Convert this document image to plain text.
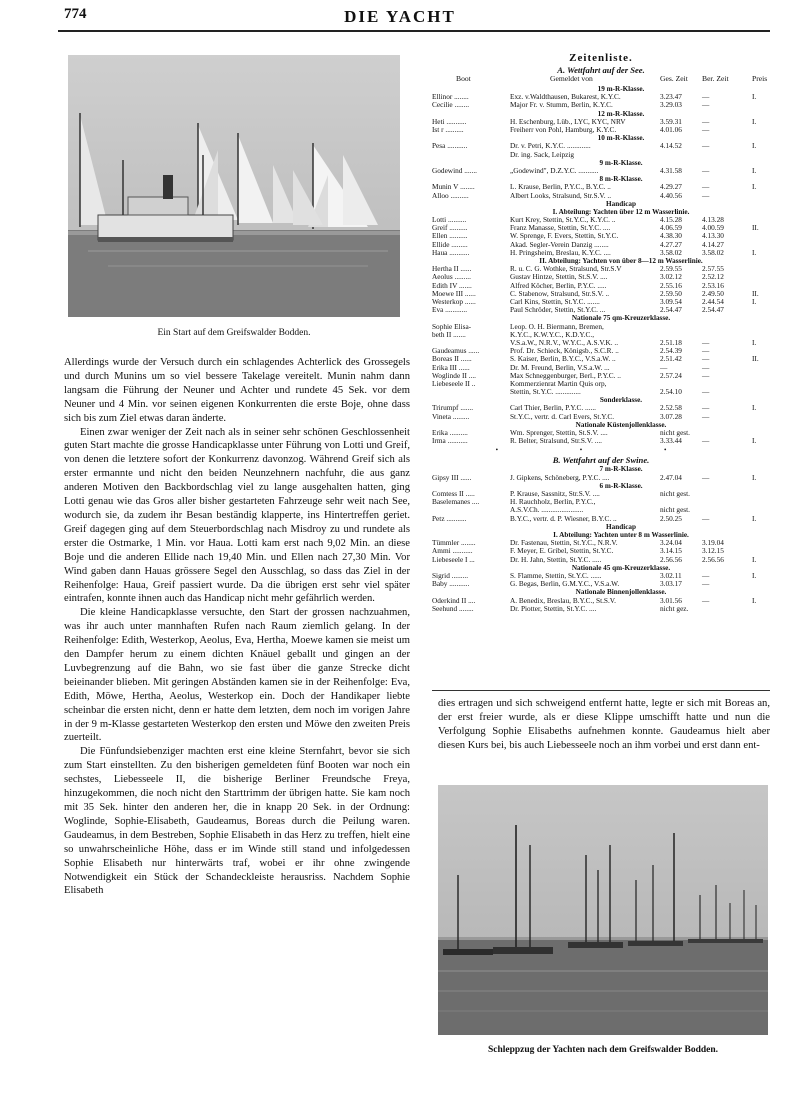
774	DIE YACHT
Ein Start auf dem Greifswalder Bodden.

Allerdings wurde der Versuch durch ein schlagendes Achterlick des Grossegels und durch Munins um so viel bessere Takelage vereitelt. Munin nahm dann langsam die Führung der Neuner und Achter und rundete 45 Sek. vor dem Neuner und 4 Min. vor seinen eigenen Konkurrenten die erste Boje, ohne dass sich bis zum Ziel etwas daran änderte.

Einen zwar weniger der Zeit nach als in seiner sehr schönen Geschlossenheit guten Start machte die grosse Handicapklasse unter Führung von Lotti und Greif, von denen die letztere sofort der Konkurrenz davonzog. Während Greif sich als erster ermannte und nicht den beiden Neunzehnern nachfuhr, die aus ganz anderen Motiven den Backbordschlag viel zu lange ausgehalten hatten, ging Lotti genau wie das Gros aller bisher gestarteten Fahrzeuge sehr weit nach See, wodurch sie, da zudem ihr Besan beständig klapperte, ins Hintertreffen geriet. Greif dagegen ging auf dem Steuerbordschlag nach Misdroy zu und rundete als erster die Ostmarke, 1 Min. vor Haua. Lotti kam erst nach 9,02 Min. an diese Boje und die anderen Ellide nach 19,40 Min. und Ellen nach 27,30 Min. Vor Wind gaben dann Hauas grössere Segel den Ausschlag, so dass das Ziel in der Reihenfolge: Haua, Greif passiert wurde. Da die übrigen erst sehr viel später eintrafen, konnte ihnen auch das Handicap nicht mehr gefährlich werden.

Die kleine Handicapklasse versuchte, den Start der grossen nachzuahmen, was ihr auch unter mannhaften Rufen nach Raum ziemlich gelang. In der Reihenfolge: Edith, Westerkop, Aeolus, Eva, Hertha, Moewe kamen sie meist um den Dampfer herum zu einem dichten Knäuel geballt und gingen an der Luvbegrenzung auf die Bahn, wo sie fast über die ganze Strecke dicht beieinander blieben. Mit geringen Abständen kamen sie in der Reihenfolge: Eva, Edith, Möwe, Hertha, Aeolus, Westerkop ein. Doch der Handikaper liebte scheinbar die ersten nicht, denn er hatte dem letzten, dem noch im vorigen Jahre in der 9 m-Klasse gestarteten Westerkop den ersten und Möwe den zweiten Preis zuerteilt.

Die Fünfundsiebenziger machten erst eine kleine Sternfahrt, bevor sie sich zum Start einstellten. Zu den bisherigen gemeldeten fünf Booten war noch ein sechstes, Liebesseele II, die bisherige Berliner Freundsche Freya, hinzugekommen, die noch nicht den Starttrimm der übrigen hatte. Sie kam noch mit 35 Sek. hinter den anderen her, die in knapp 20 Sek. in der Ordnung: Woglinde, Sophie-Elisabeth, Gaudeamus, Boreas durch die Peilung waren. Gaudeamus, in dem Bestreben, Sophie Elisabeth in das Herz zu treffen, hielt eine so unwahrscheinliche Höhe, dass er im Winde still stand und infolgedessen Sophie Elisabeth nur hinterwärts traf, wobei er ihr ohne zwingende Notwendigkeit ein Stück der Schandeckleiste herausriss. Nachdem Sophie Elisabeth

Zeitenliste.
A. Wettfahrt auf der See.
Boot	Gemeldet von	Ges. Zeit Ber. Zeit	Preis
19 m-R-Klasse.
Ellinor ........	Exz. v.Waldthausen, Bukarest, K.Y.C.	3.23.47	—	I.
Cecilie ........	Major Fr. v. Stumm, Berlin, K.Y.C.	3.29.03	—
12 m-R-Klasse.
Heti ...........	H. Eschenburg, Lüb., LYC, KYC, NRV	3.59.31	—	I.
Ist r ..........	Freiherr von Pohl, Hamburg, K.Y.C.	4.01.06	—
10 m-R-Klasse.
Pesa ...........	Dr. v. Petri, K.Y.C. .............	4.14.52	—	I.
Dr. ing. Sack, Leipzig
9 m-R-Klasse.
Godewind .......	„Godewind", D.Z.Y.C. ...........	4.31.58	—	I.
8 m-R-Klasse.
Munin V ........	L. Krause, Berlin, P.Y.C., B.Y.C. ..	4.29.27	—	I.
Alloo ..........	Albert Looks, Stralsund, Str.S.V. ..	4.40.56	—
Handicap
I. Abteilung: Yachten über 12 m Wasserlinie.
Lotti ..........	Kurt Krey, Stettin, St.Y.C., K.Y.C. ..	4.15.28	4.13.28
Greif ..........	Franz Manasse, Stettin, St.Y.C. ....	4.06.59	4.00.59	II.
Ellen ..........	W. Sprenge, F. Evers, Stettin, St.Y.C.	4.38.30	4.13.30
Ellide .........	Akad. Segler-Verein Danzig ........	4.27.27	4.14.27
Haua ...........	H. Pringsheim, Breslau, K.Y.C. ....	3.58.02	3.58.02	I.
II. Abteilung: Yachten von über 8—12 m Wasserlinie.
Hertha II ......	R. u. C. G. Wothke, Stralsund, Str.S.V	2.59.55	2.57.55
Aeolus .........	Gustav Hintze, Stettin, St.S.V. ....	3.02.12	2.52.12
Edith IV .......	Alfred Köcher, Berlin, P.Y.C. .....	2.55.16	2.53.16
Moewe III ......	C. Stabenow, Stralsund, Str.S.V. ..	2.59.50	2.49.50	II.
Westerkop ......	Carl Kins, Stettin, St.Y.C. .......	3.09.54	2.44.54	I.
Eva ............	Paul Schröder, Stettin, St.Y.C. ...	2.54.47	2.54.47
Nationale 75 qm-Kreuzerklasse.
Sophie Elisa-	Leop. O. H. Biermann, Bremen,
beth II .......	K.Y.C., K.W.Y.C., K.D.Y.C.,
V.S.a.W., N.R.V., W.Y.C., A.S.V.K. ..	2.51.18	—	I.
Gaudeamus ......	Prof. Dr. Schieck, Königsb., S.C.R. ..	2.54.39	—
Boreas II ......	S. Kaiser, Berlin, B.Y.C., V.S.a.W. ..	2.51.42	—	II.
Erika III ......	Dr. M. Freund, Berlin, V.S.a.W. ...	—	—
Woglinde II ....	Max Schneggenburger, Berl., P.Y.C. ..	2.57.24	—
Liebeseele II ..	Kommerzienrat Martin Quis orp,
Stettin, St.Y.C. ..............	2.54.10	—
Sonderklasse.
Trirumpf .......	Carl Thier, Berlin, P.Y.C. ......	2.52.58	—	I.
Vineta .........	St.Y.C., vertr. d. Carl Evers, St.Y.C.	3.07.28	—
Nationale Küstenjollenklasse.
Erika ..........	Wm. Sprenger, Stettin, St.S.V. ....	nicht gest.
Irma ...........	R. Belter, Stralsund, Str.S.V. ....	3.33.44	—	I.
• • •
B. Wettfahrt auf der Swine.
7 m-R-Klasse.
Gipsy III ......	J. Gipkens, Schöneberg, P.Y.C. ....	2.47.04	—	I.
6 m-R-Klasse.
Comtess II .....	P. Krause, Sassnitz, Str.S.V. ....	nicht gest.
Baselemanes ....	H. Rauchholz, Berlin, P.Y.C.,
A.S.V.Ch. .......................	nicht gest.
Petz ...........	B.Y.C., vertr. d. P. Wiesner, B.Y.C. ..	2.50.25	—	I.
Handicap
I. Abteilung: Yachten unter 8 m Wasserlinie.
Tümmler ........	Dr. Fastenau, Stettin, St.Y.C., N.R.V.	3.24.04	3.19.04
Ammi ...........	F. Meyer, E. Gribel, Stettin, St.Y.C.	3.14.15	3.12.15
Liebeseele I ...	Dr. H. Jahn, Stettin, St.Y.C. .....	2.56.56	2.56.56	I.
Nationale 45 qm-Kreuzerklasse.
Sigrid .........	S. Flamme, Stettin, St.Y.C. ......	3.02.11	—	I.
Baby ...........	G. Begas, Berlin, G.M.Y.C., V.S.a.W.	3.03.17	—
Nationale Binnenjollenklasse.
Oderkind II ....	A. Benedix, Breslau, B.Y.C., St.S.V.	3.01.56	—	I.
Seehund ........	Dr. Piotter, Stettin, St.Y.C. ....	nicht gez.

dies ertragen und sich schweigend entfernt hatte, legte er sich mit Boreas an, der erst freier wurde, als er diese Klippe umschifft hatte und nun die Verfolgung Sophie Elisabeths aufnehmen konnte. Gaudeamus hielt aber diesen Kurs bei, bis auch Liebesseele noch an ihm vorbei und erst dann ent-

Schleppzug der Yachten nach dem Greifswalder Bodden.
